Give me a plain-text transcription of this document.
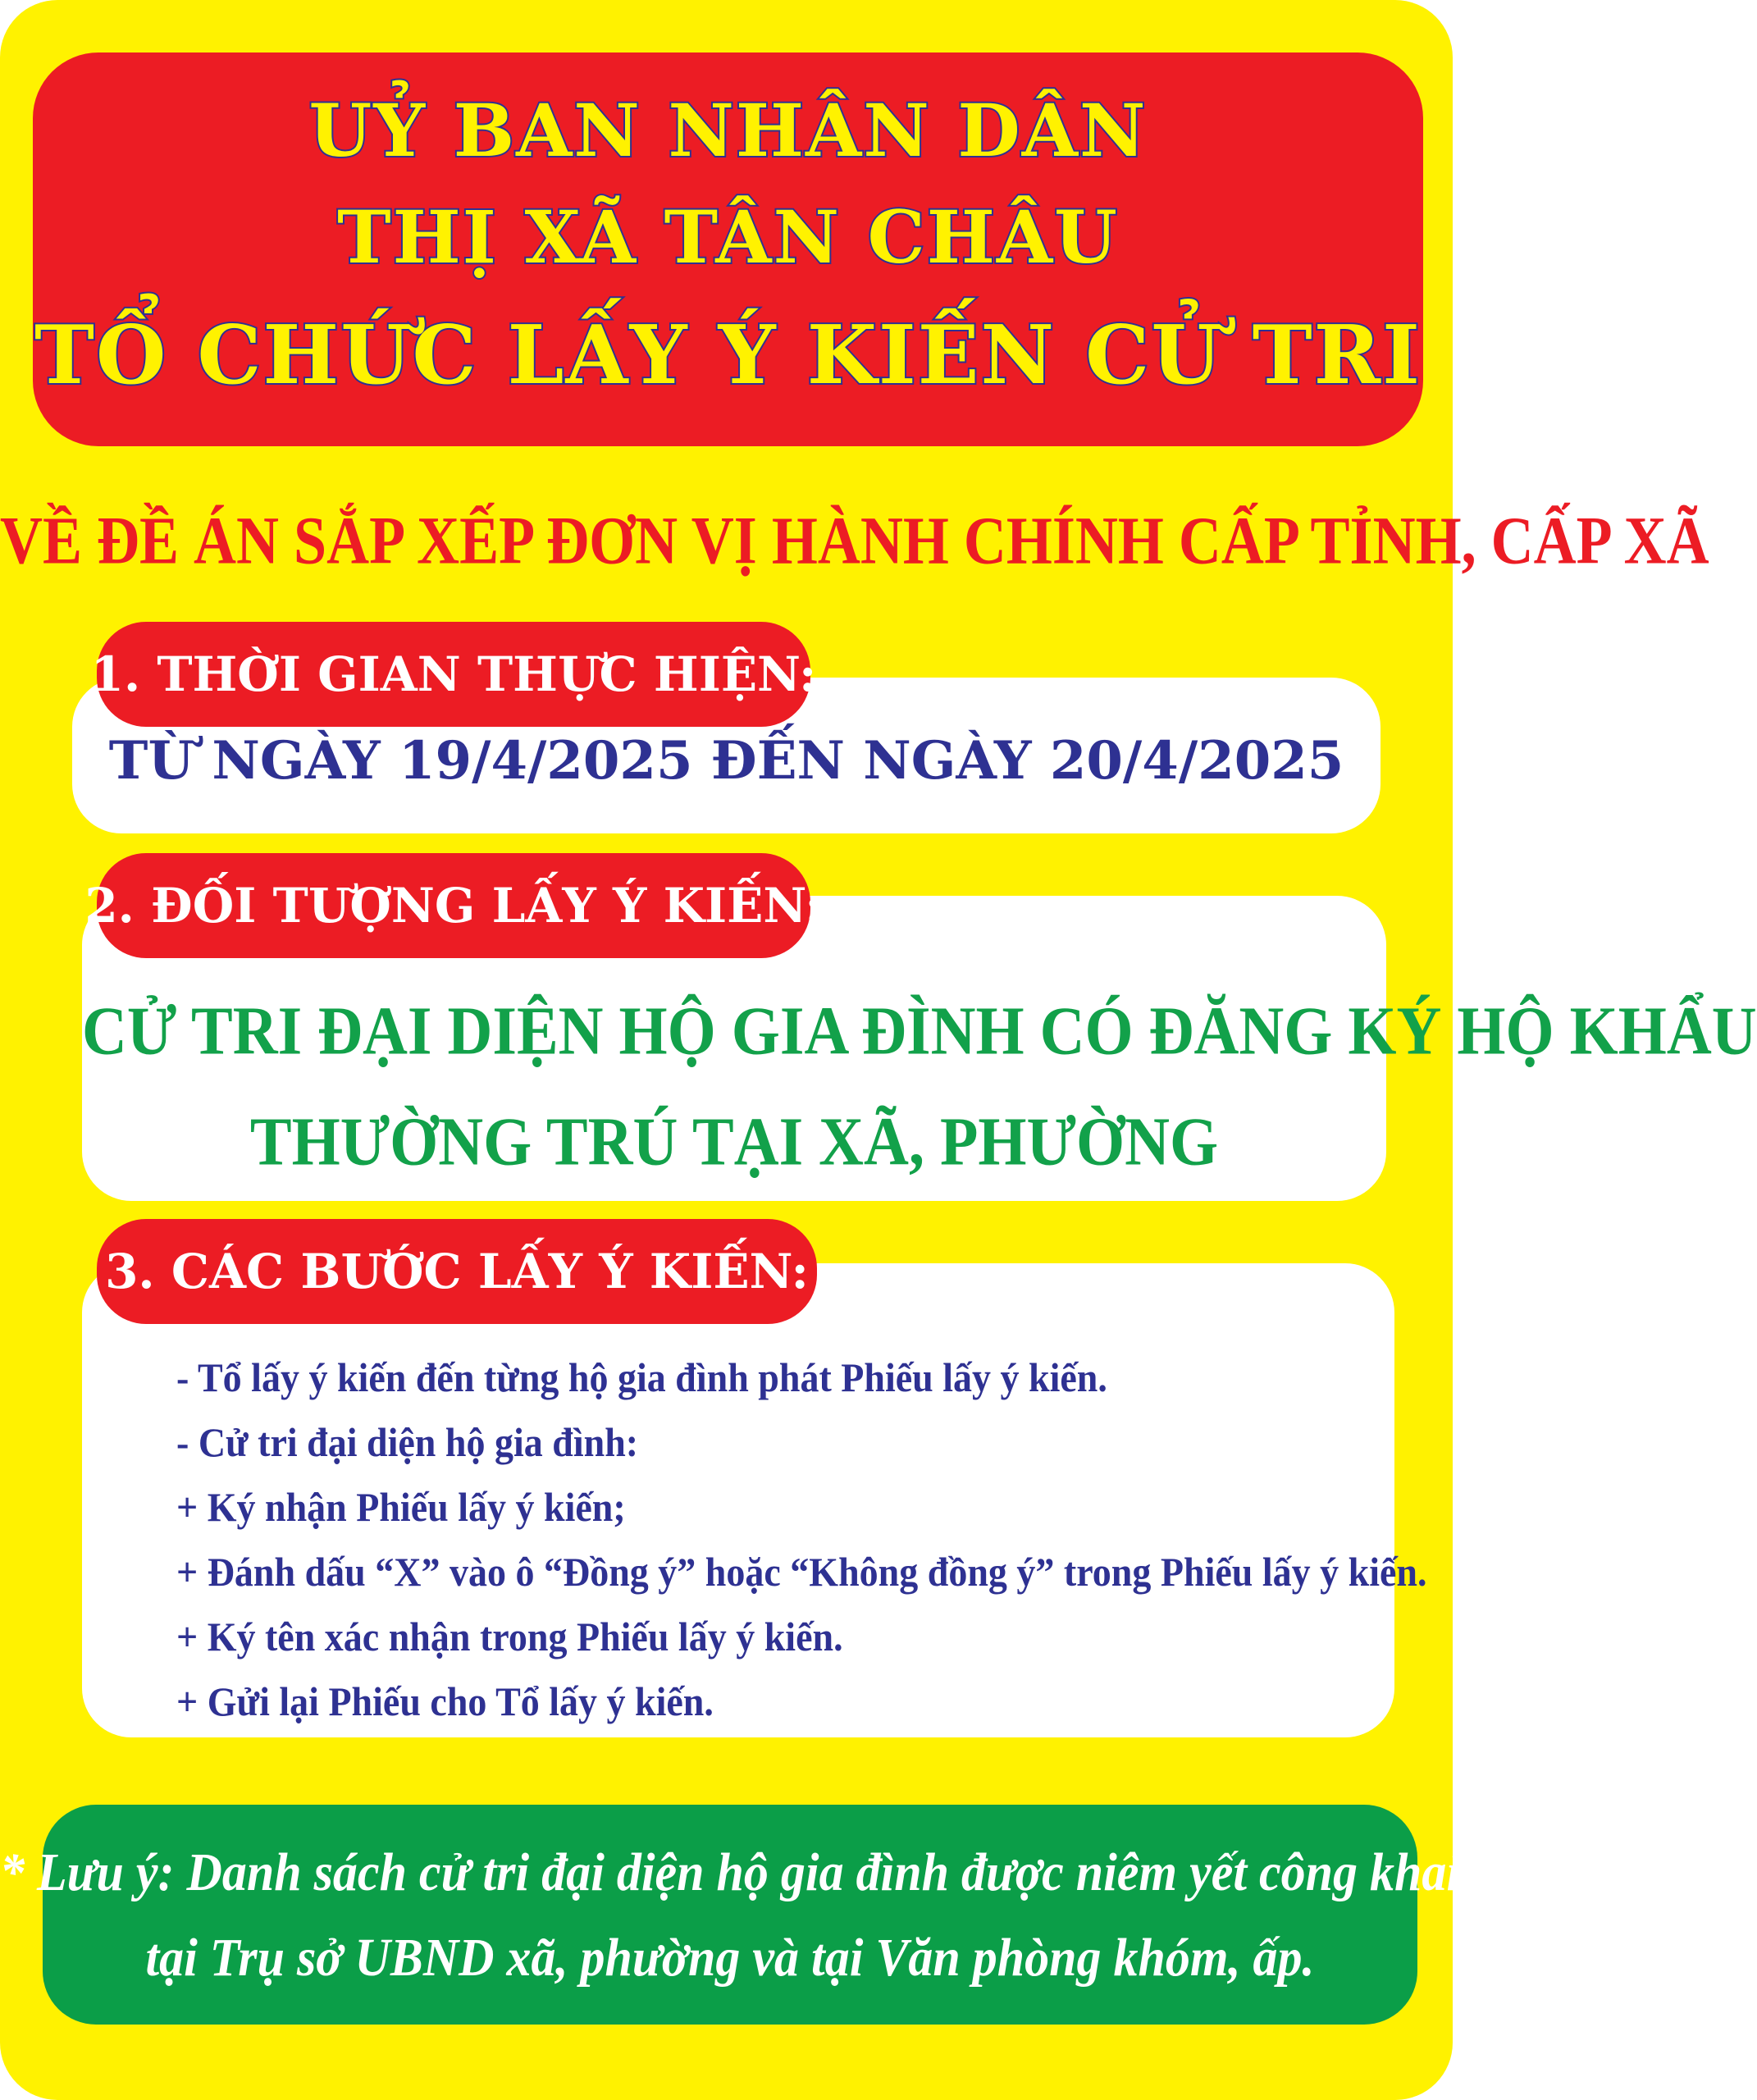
UỶ BAN NHÂN DÂN
THỊ XÃ TÂN CHÂU
TỔ CHỨC LẤY Ý KIẾN CỬ TRI
VỀ ĐỀ ÁN SẮP XẾP ĐƠN VỊ HÀNH CHÍNH CẤP TỈNH, CẤP XÃ
1. THỜI GIAN THỰC HIỆN:
TỪ NGÀY 19/4/2025 ĐẾN NGÀY 20/4/2025
2. ĐỐI TƯỢNG LẤY Ý KIẾN:
CỬ TRI ĐẠI DIỆN HỘ GIA ĐÌNH CÓ ĐĂNG KÝ HỘ KHẨU
THƯỜNG TRÚ TẠI XÃ, PHƯỜNG
3. CÁC BƯỚC LẤY Ý KIẾN:
- Tổ lấy ý kiến đến từng hộ gia đình phát Phiếu lấy ý kiến.
- Cử tri đại diện hộ gia đình:
+ Ký nhận Phiếu lấy ý kiến;
+ Đánh dấu “X” vào ô “Đồng ý” hoặc “Không đồng ý” trong Phiếu lấy ý kiến.
+ Ký tên xác nhận trong Phiếu lấy ý kiến.
+ Gửi lại Phiếu cho Tổ lấy ý kiến.
* Lưu ý: Danh sách cử tri đại diện hộ gia đình được niêm yết công khai
tại Trụ sở UBND xã, phường và tại Văn phòng khóm, ấp.
